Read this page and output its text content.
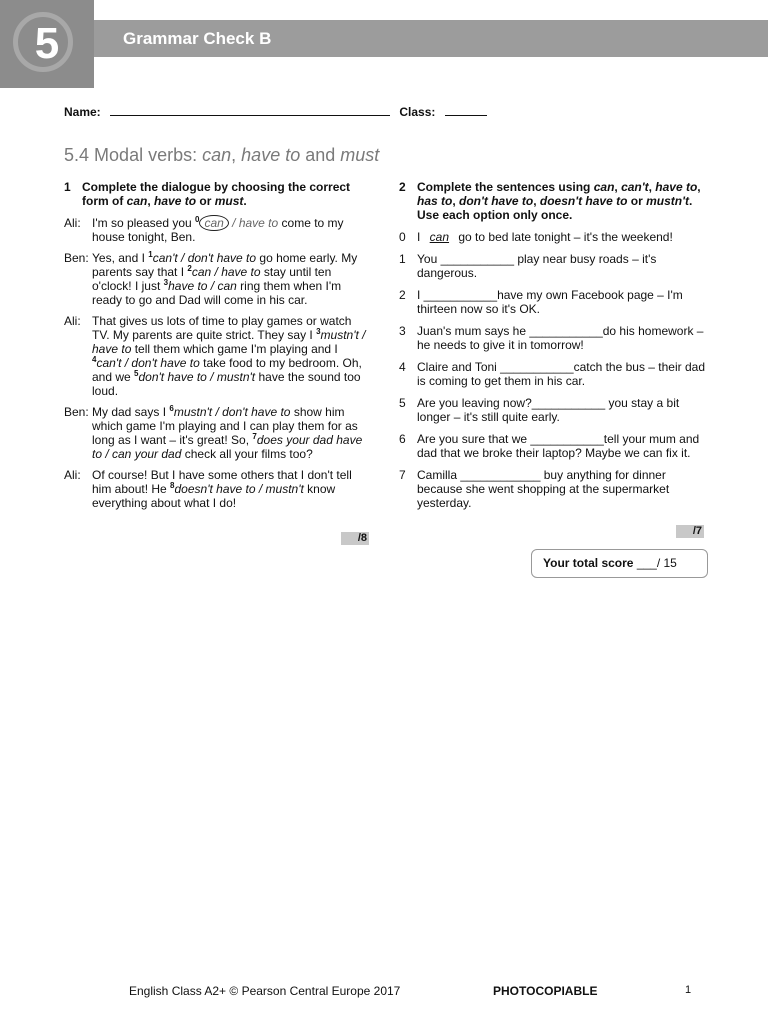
5	Grammar Check B
Name:	Class:
5.4 Modal verbs: can, have to and must
1 Complete the dialogue by choosing the correct form of can, have to or must.
Ali: I'm so pleased you $^0$ can / have to come to my house tonight, Ben.
Ben: Yes, and I $^1$can't / don't have to go home early. My parents say that I $^2$can / have to stay until ten o'clock! I just $^3$have to / can ring them when I'm ready to go and Dad will come in his car.
Ali: That gives us lots of time to play games or watch TV. My parents are quite strict. They say I $^3$mustn't / have to tell them which game I'm playing and I $^4$can't / don't have to take food to my bedroom. Oh, and we $^5$don't have to / mustn't have the sound too loud.
Ben: My dad says I $^6$mustn't / don't have to show him which game I'm playing and I can play them for as long as I want – it's great! So, $^7$does your dad have to / can your dad check all your films too?
Ali: Of course! But I have some others that I don't tell him about! He $^8$doesn't have to / mustn't know everything about what I do!
/8
2 Complete the sentences using can, can't, have to, has to, don't have to, doesn't have to or mustn't. Use each option only once.
0 I can go to bed late tonight – it's the weekend!
1 You ___________ play near busy roads – it's dangerous.
2 I ___________have my own Facebook page – I'm thirteen now so it's OK.
3 Juan's mum says he ___________do his homework – he needs to give it in tomorrow!
4 Claire and Toni ___________catch the bus – their dad is coming to get them in his car.
5 Are you leaving now?___________ you stay a bit longer – it's still quite early.
6 Are you sure that we ___________tell your mum and dad that we broke their laptop? Maybe we can fix it.
7 Camilla ____________ buy anything for dinner because she went shopping at the supermarket yesterday.
/7
Your total score ___/ 15
English Class A2+ © Pearson Central Europe 2017	PHOTOCOPIABLE	1
